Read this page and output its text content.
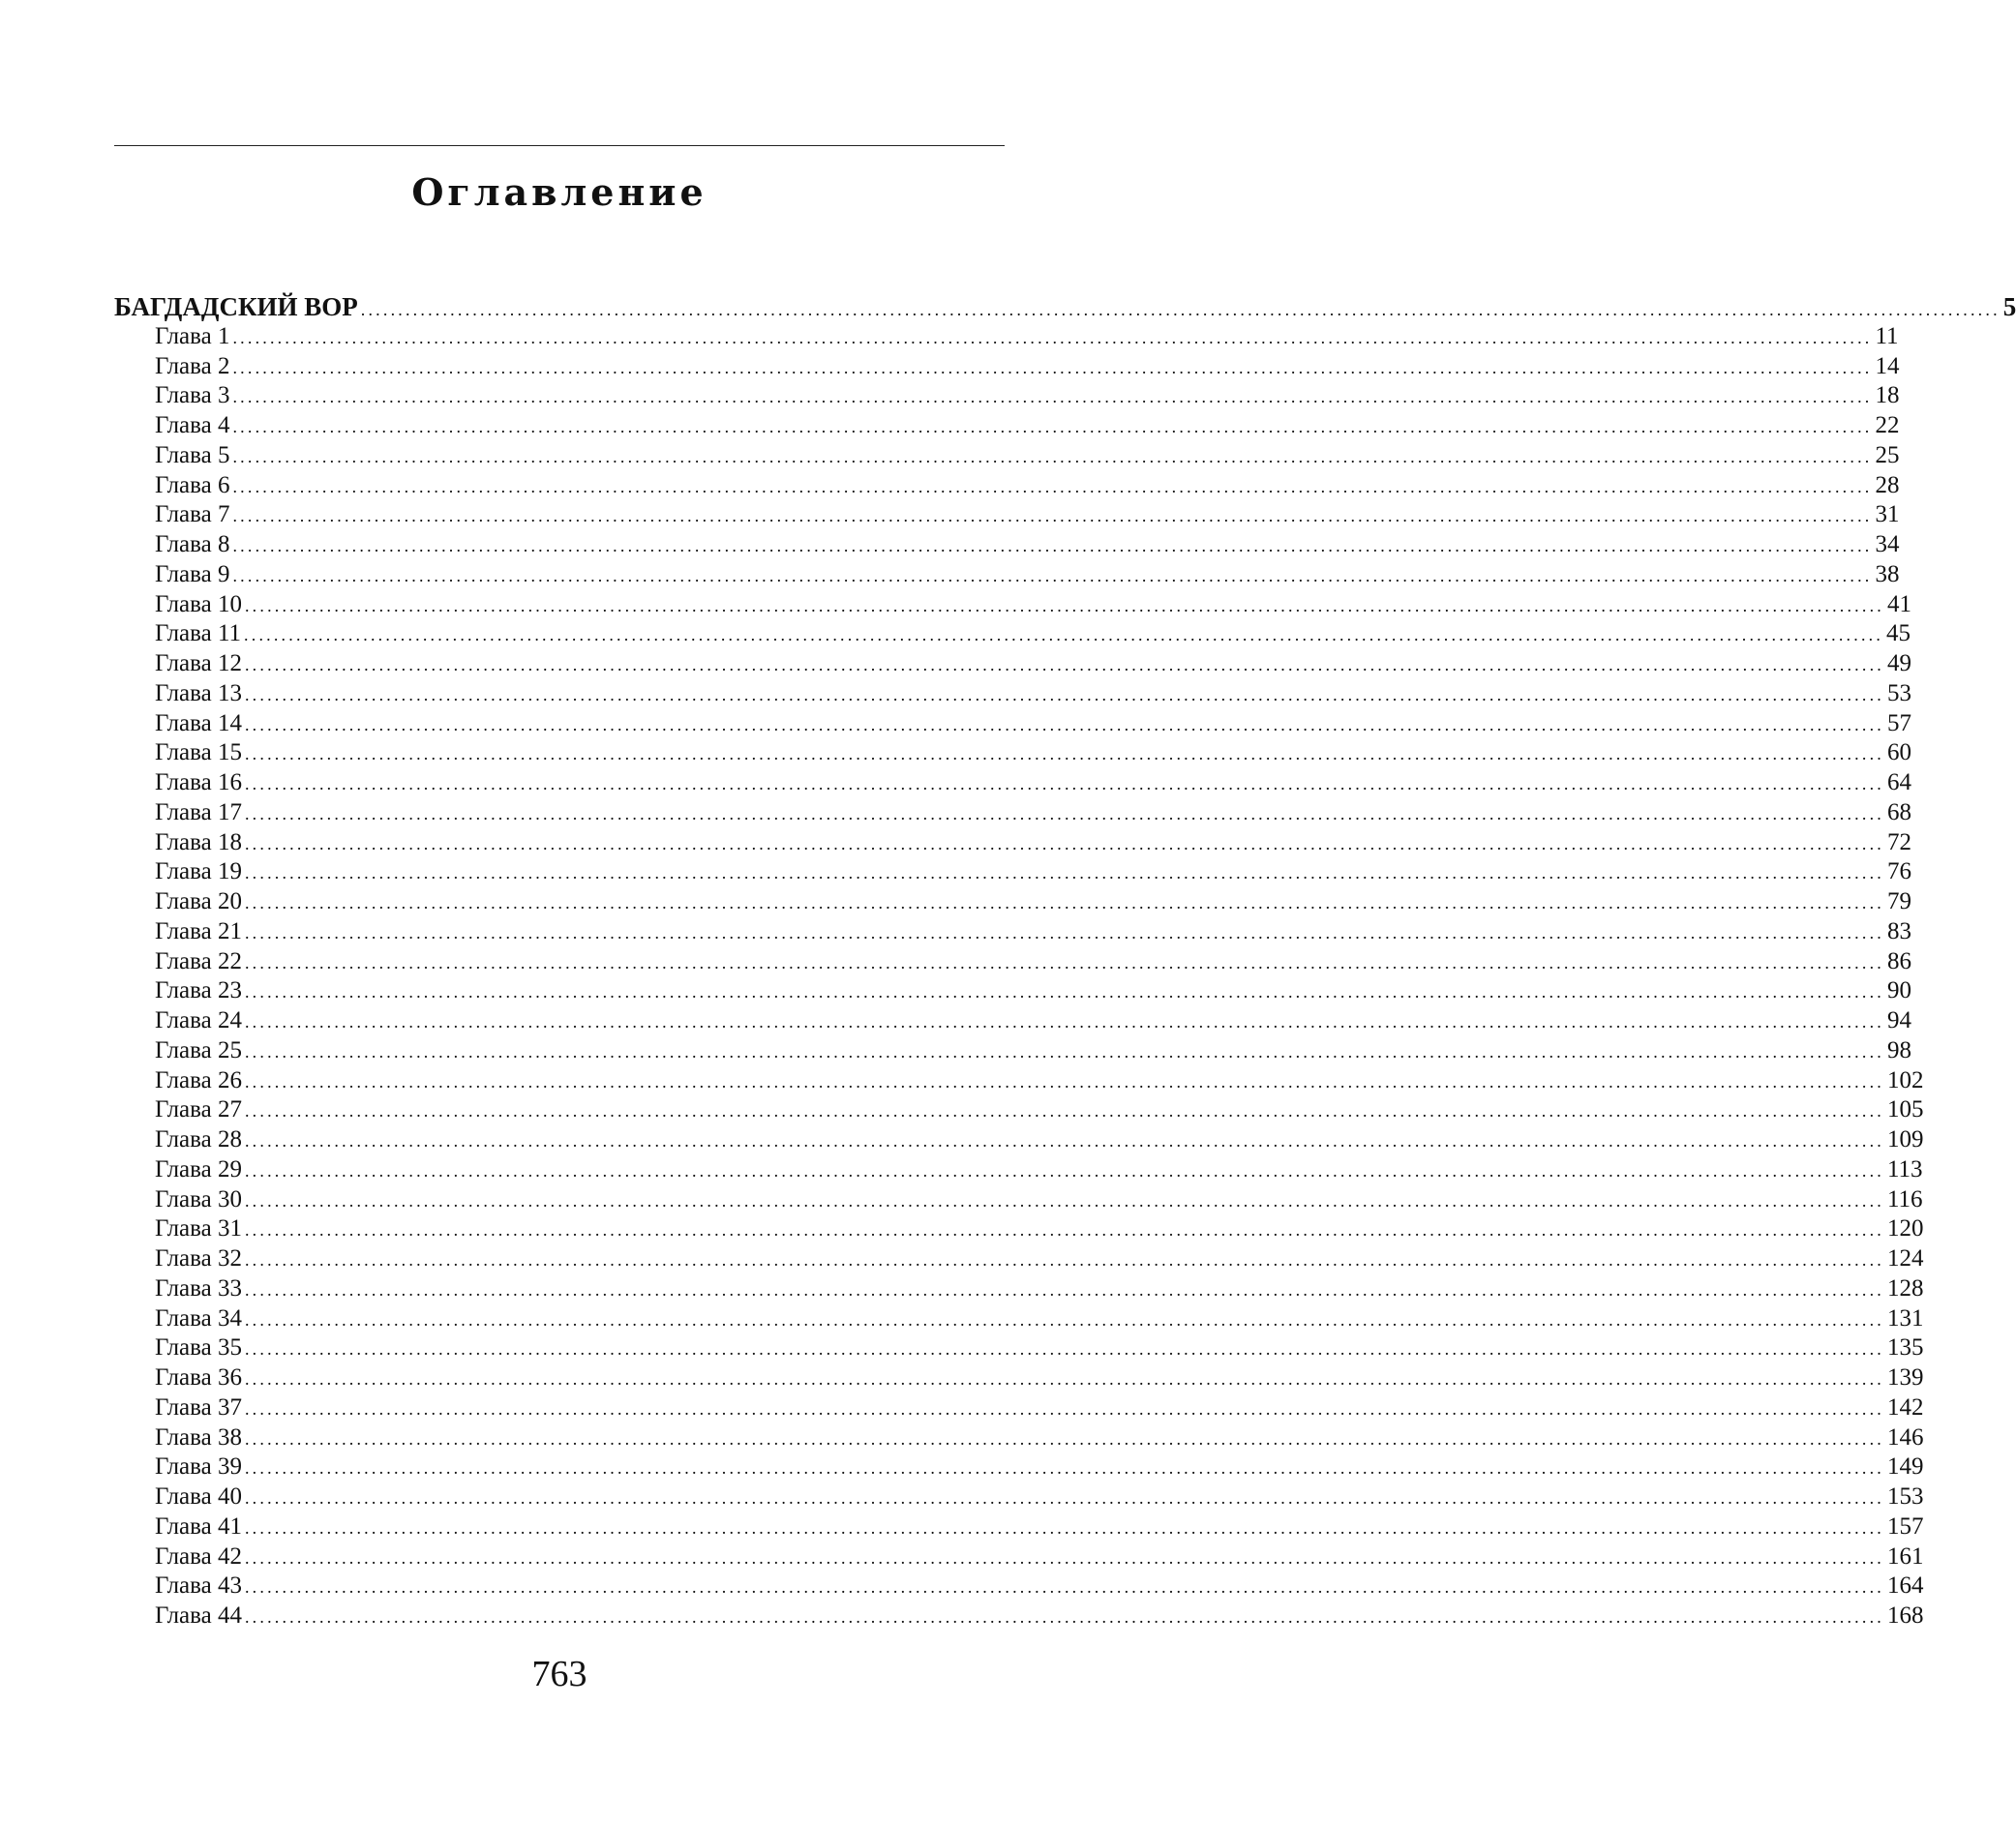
Оглавление
БАГДАДСКИЙ ВОР ............................................................................................................................................................................................................................ 5
Глава 1 ............................................................................................................................................................................................................................ 11
Глава 2 ............................................................................................................................................................................................................................ 14
Глава 3 ............................................................................................................................................................................................................................ 18
Глава 4 ............................................................................................................................................................................................................................ 22
Глава 5 ............................................................................................................................................................................................................................ 25
Глава 6 ............................................................................................................................................................................................................................ 28
Глава 7 ............................................................................................................................................................................................................................ 31
Глава 8 ............................................................................................................................................................................................................................ 34
Глава 9 ............................................................................................................................................................................................................................ 38
Глава 10 ............................................................................................................................................................................................................................ 41
Глава 11 ............................................................................................................................................................................................................................ 45
Глава 12 ............................................................................................................................................................................................................................ 49
Глава 13 ............................................................................................................................................................................................................................ 53
Глава 14 ............................................................................................................................................................................................................................ 57
Глава 15 ............................................................................................................................................................................................................................ 60
Глава 16 ............................................................................................................................................................................................................................ 64
Глава 17 ............................................................................................................................................................................................................................ 68
Глава 18 ............................................................................................................................................................................................................................ 72
Глава 19 ............................................................................................................................................................................................................................ 76
Глава 20 ............................................................................................................................................................................................................................ 79
Глава 21 ............................................................................................................................................................................................................................ 83
Глава 22 ............................................................................................................................................................................................................................ 86
Глава 23 ............................................................................................................................................................................................................................ 90
Глава 24 ............................................................................................................................................................................................................................ 94
Глава 25 ............................................................................................................................................................................................................................ 98
Глава 26 ............................................................................................................................................................................................................................ 102
Глава 27 ............................................................................................................................................................................................................................ 105
Глава 28 ............................................................................................................................................................................................................................ 109
Глава 29 ............................................................................................................................................................................................................................ 113
Глава 30 ............................................................................................................................................................................................................................ 116
Глава 31 ............................................................................................................................................................................................................................ 120
Глава 32 ............................................................................................................................................................................................................................ 124
Глава 33 ............................................................................................................................................................................................................................ 128
Глава 34 ............................................................................................................................................................................................................................ 131
Глава 35 ............................................................................................................................................................................................................................ 135
Глава 36 ............................................................................................................................................................................................................................ 139
Глава 37 ............................................................................................................................................................................................................................ 142
Глава 38 ............................................................................................................................................................................................................................ 146
Глава 39 ............................................................................................................................................................................................................................ 149
Глава 40 ............................................................................................................................................................................................................................ 153
Глава 41 ............................................................................................................................................................................................................................ 157
Глава 42 ............................................................................................................................................................................................................................ 161
Глава 43 ............................................................................................................................................................................................................................ 164
Глава 44 ............................................................................................................................................................................................................................ 168
763
